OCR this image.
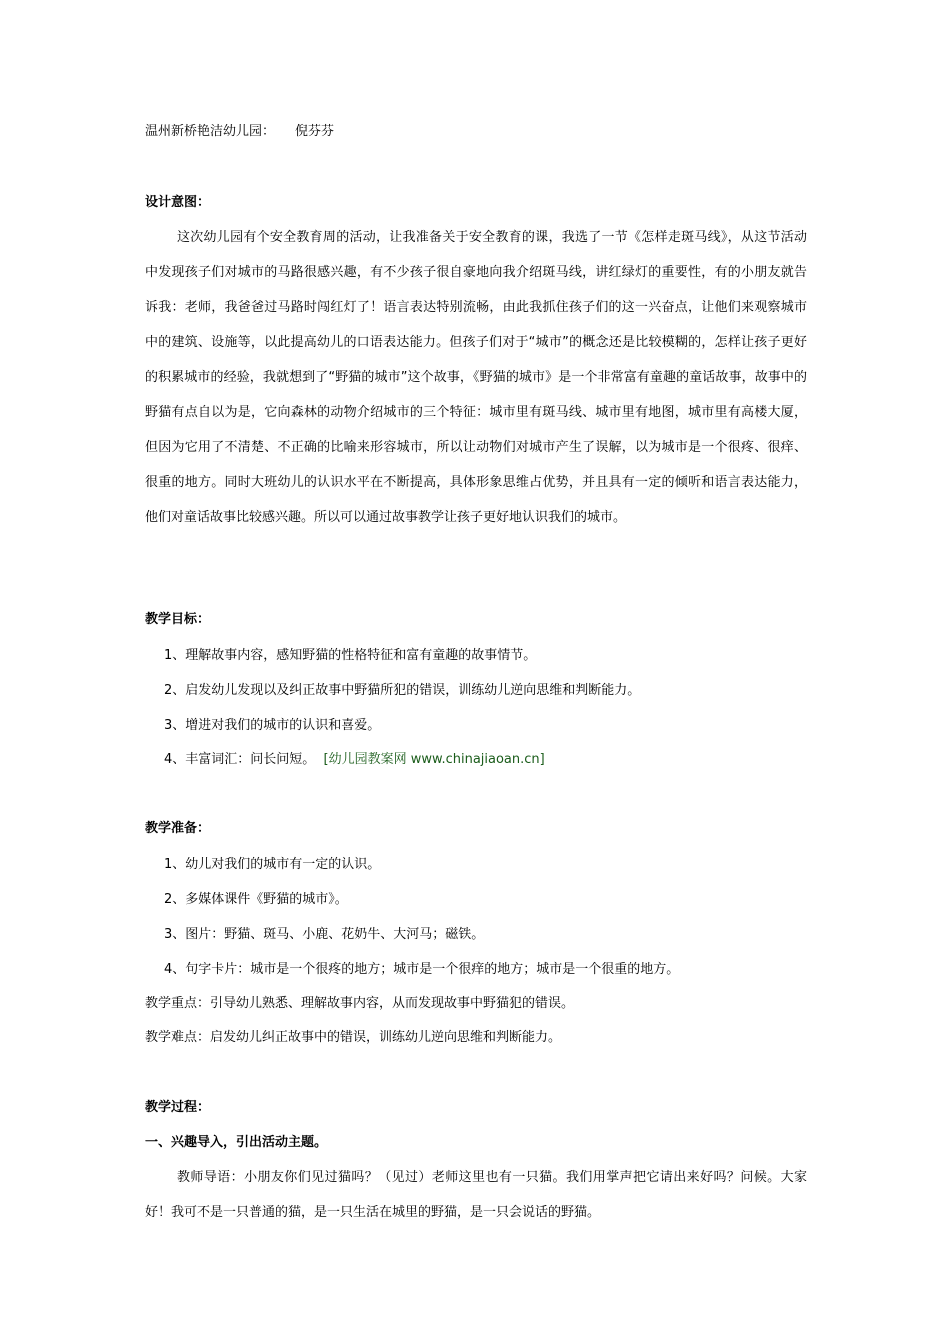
温州新桥艳洁幼儿园： 倪芬芬
设计意图：
这次幼儿园有个安全教育周的活动，让我准备关于安全教育的课，我选了一节《怎样走斑马线》，从这节活动中发现孩子们对城市的马路很感兴趣，有不少孩子很自豪地向我介绍斑马线，讲红绿灯的重要性，有的小朋友就告诉我：老师，我爸爸过马路时闯红灯了！语言表达特别流畅，由此我抓住孩子们的这一兴奋点，让他们来观察城市中的建筑、设施等，以此提高幼儿的口语表达能力。但孩子们对于“城市”的概念还是比较模糊的，怎样让孩子更好的积累城市的经验，我就想到了“野猫的城市”这个故事，《野猫的城市》是一个非常富有童趣的童话故事，故事中的野猫有点自以为是，它向森林的动物介绍城市的三个特征：城市里有斑马线、城市里有地图，城市里有高楼大厦，但因为它用了不清楚、不正确的比喻来形容城市，所以让动物们对城市产生了误解，以为城市是一个很疼、很痒、很重的地方。同时大班幼儿的认识水平在不断提高，具体形象思维占优势，并且具有一定的倾听和语言表达能力，他们对童话故事比较感兴趣。所以可以通过故事教学让孩子更好地认识我们的城市。
教学目标：
1、理解故事内容，感知野猫的性格特征和富有童趣的故事情节。
2、启发幼儿发现以及纠正故事中野猫所犯的错误，训练幼儿逆向思维和判断能力。
3、增进对我们的城市的认识和喜爱。
4、丰富词汇：问长问短。 [幼儿园教案网 www.chinajiaoan.cn]
教学准备：
1、幼儿对我们的城市有一定的认识。
2、多媒体课件《野猫的城市》。
3、图片：野猫、斑马、小鹿、花奶牛、大河马；磁铁。
4、句字卡片：城市是一个很疼的地方；城市是一个很痒的地方；城市是一个很重的地方。
教学重点：引导幼儿熟悉、理解故事内容，从而发现故事中野猫犯的错误。
教学难点：启发幼儿纠正故事中的错误，训练幼儿逆向思维和判断能力。
教学过程：
一、兴趣导入，引出活动主题。
教师导语：小朋友你们见过猫吗？（见过）老师这里也有一只猫。我们用掌声把它请出来好吗？问候。大家好！我可不是一只普通的猫，是一只生活在城里的野猫，是一只会说话的野猫。
